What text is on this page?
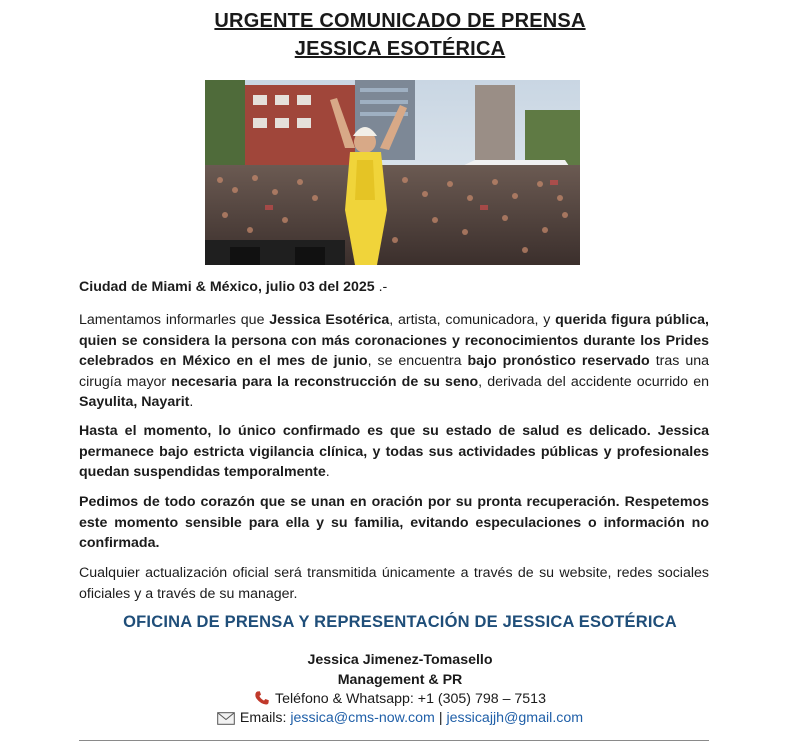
URGENTE COMUNICADO DE PRENSA
JESSICA ESOTÉRICA
Ciudad de Miami & México, julio 03 del 2025 .-
Lamentamos informarles que Jessica Esotérica, artista, comunicadora, y querida figura pública, quien se considera la persona con más coronaciones y reconocimientos durante los Prides celebrados en México en el mes de junio, se encuentra bajo pronóstico reservado tras una cirugía mayor necesaria para la reconstrucción de su seno, derivada del accidente ocurrido en Sayulita, Nayarit.
Hasta el momento, lo único confirmado es que su estado de salud es delicado. Jessica permanece bajo estricta vigilancia clínica, y todas sus actividades públicas y profesionales quedan suspendidas temporalmente.
Pedimos de todo corazón que se unan en oración por su pronta recuperación. Respetemos este momento sensible para ella y su familia, evitando especulaciones o información no confirmada.
Cualquier actualización oficial será transmitida únicamente a través de su website, redes sociales oficiales y a través de su manager.
OFICINA DE PRENSA Y REPRESENTACIÓN DE JESSICA ESOTÉRICA
Jessica Jimenez-Tomasello
Management & PR
Teléfono & Whatsapp: +1 (305) 798 – 7513
Emails: jessica@cms-now.com | jessicajjh@gmail.com
